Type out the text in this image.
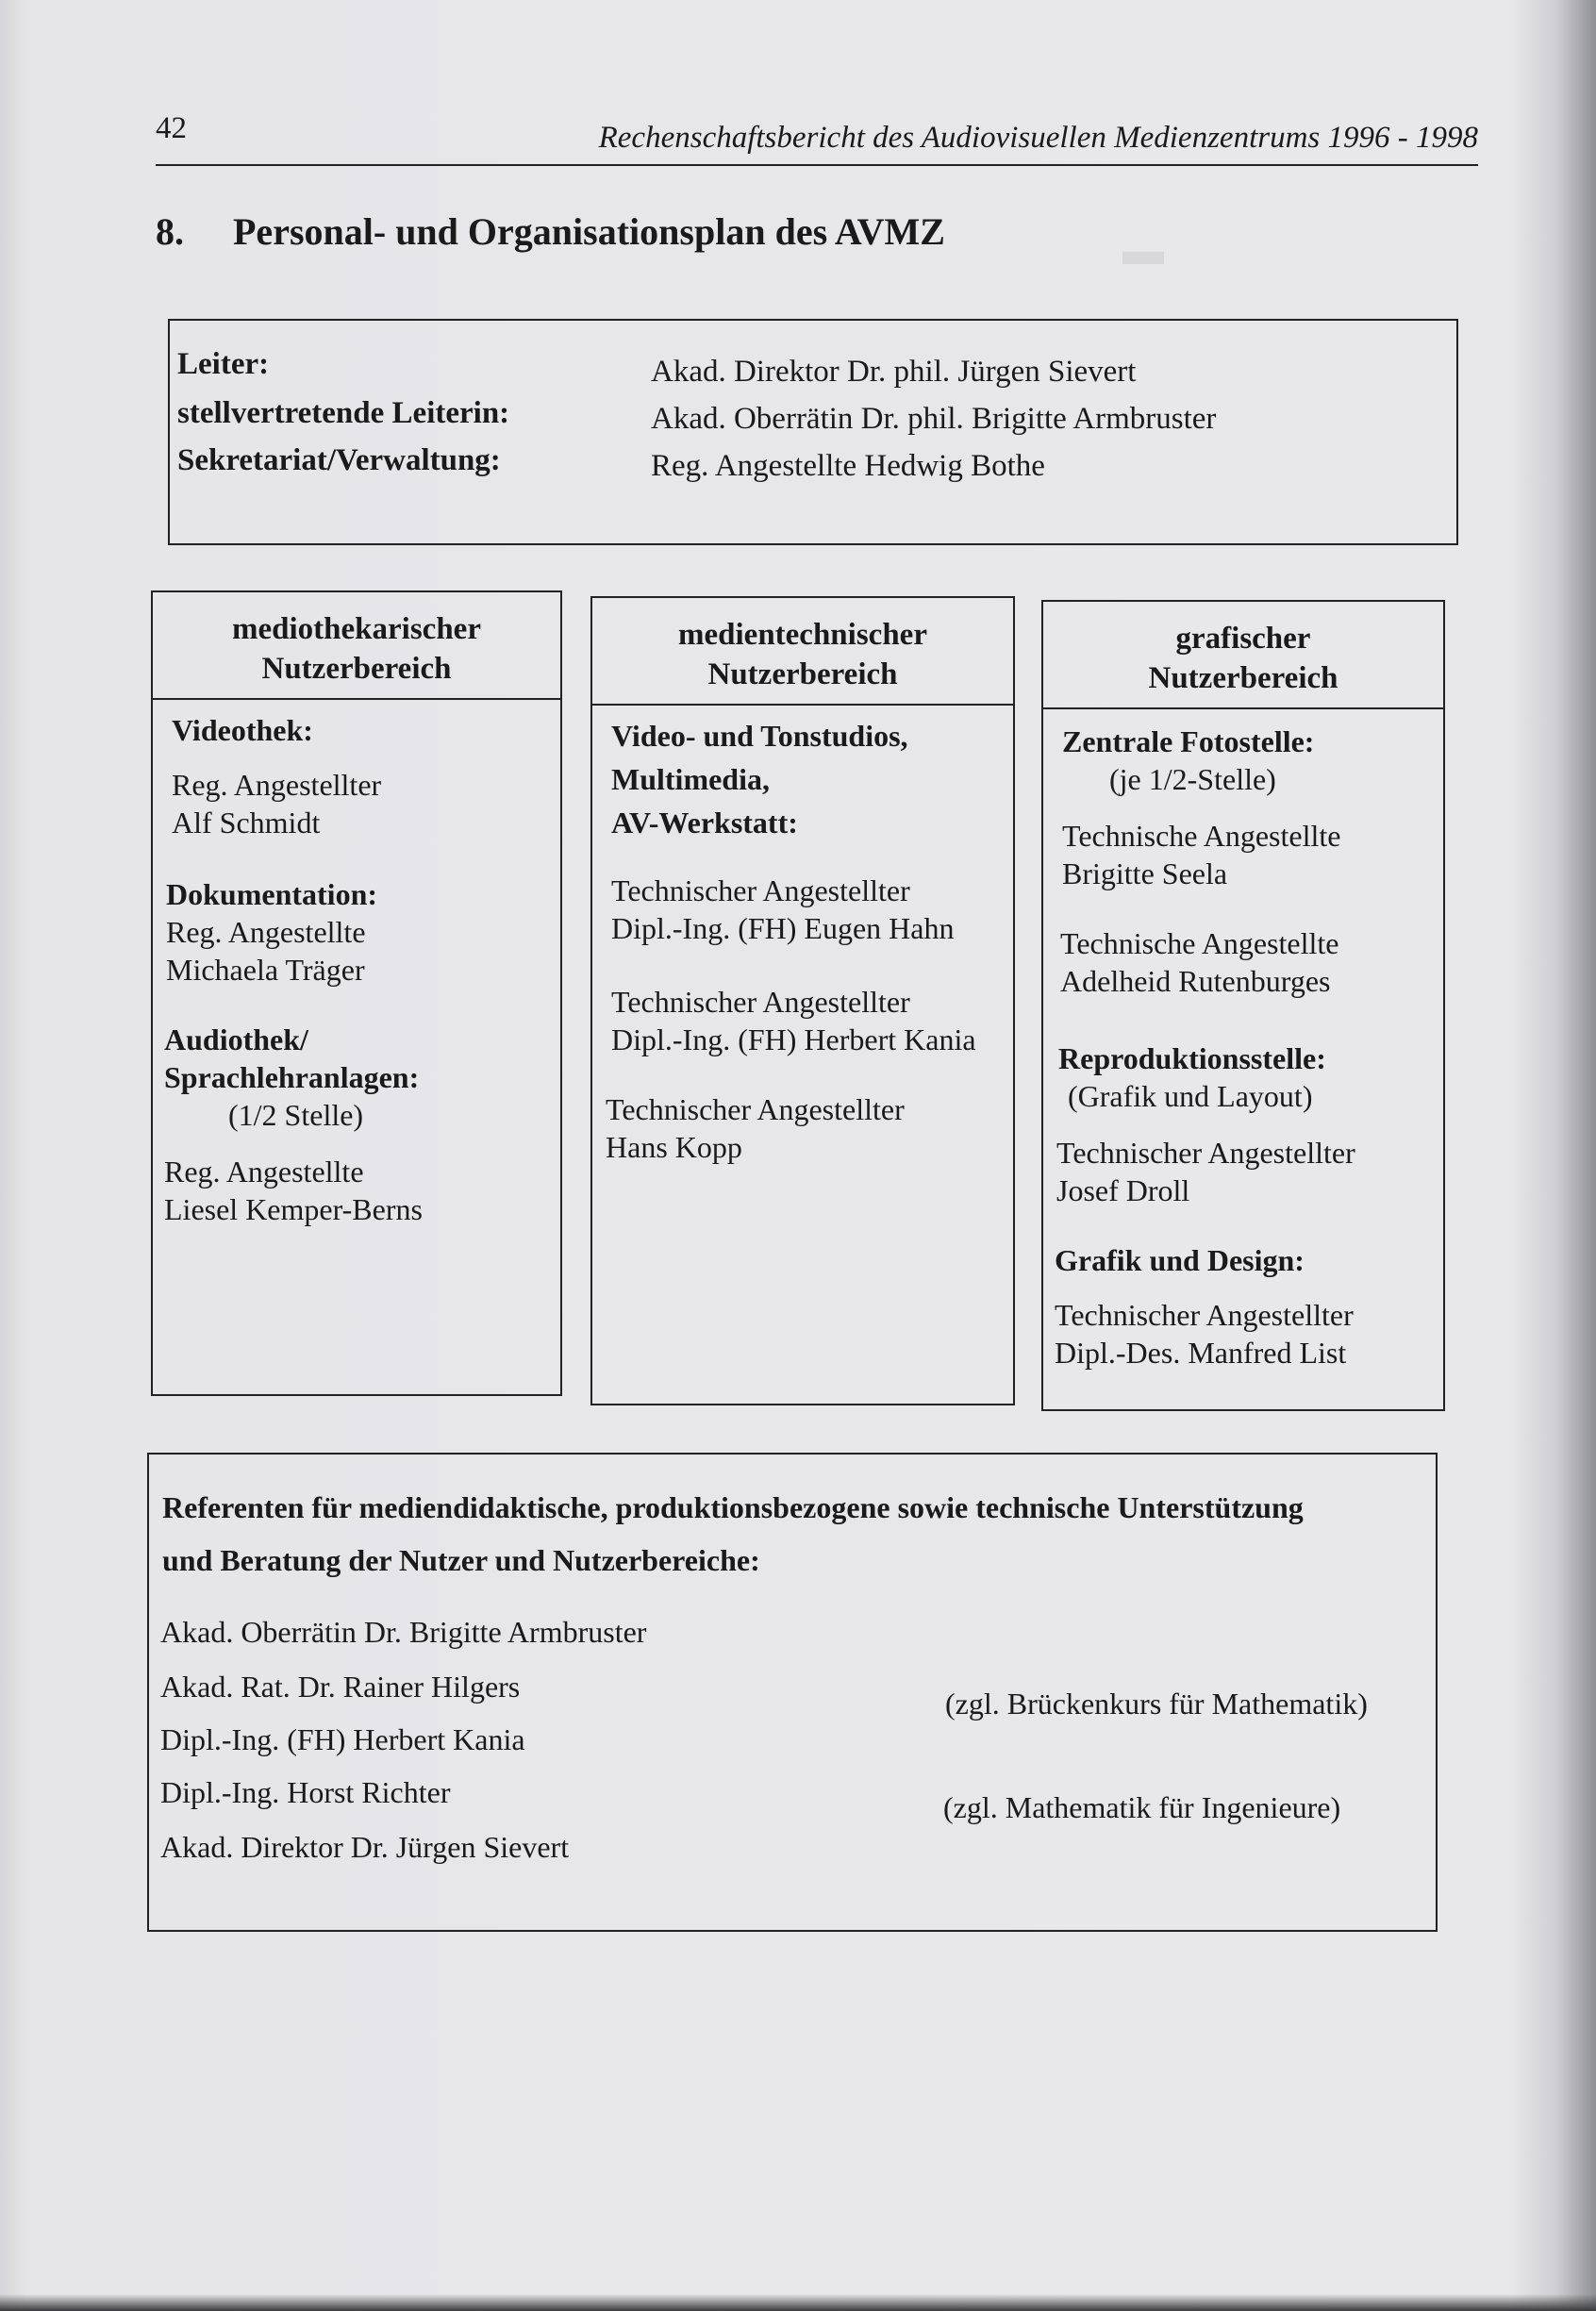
42	Rechenschaftsbericht des Audiovisuellen Medienzentrums 1996 - 1998
8. Personal- und Organisationsplan des AVMZ
Leiter:	Akad. Direktor Dr. phil. Jürgen Sievert
stellvertretende Leiterin:	Akad. Oberrätin Dr. phil. Brigitte Armbruster
Sekretariat/Verwaltung:	Reg. Angestellte Hedwig Bothe
mediothekarischer
Nutzerbereich
Videothek:
Reg. Angestellter
Alf Schmidt
Dokumentation:
Reg. Angestellte
Michaela Träger
Audiothek/
Sprachlehranlagen:
(1/2 Stelle)
Reg. Angestellte
Liesel Kemper-Berns
medientechnischer
Nutzerbereich
Video- und Tonstudios,
Multimedia,
AV-Werkstatt:
Technischer Angestellter
Dipl.-Ing. (FH) Eugen Hahn
Technischer Angestellter
Dipl.-Ing. (FH) Herbert Kania
Technischer Angestellter
Hans Kopp
grafischer
Nutzerbereich
Zentrale Fotostelle:
(je 1/2-Stelle)
Technische Angestellte
Brigitte Seela
Technische Angestellte
Adelheid Rutenburges
Reproduktionsstelle:
(Grafik und Layout)
Technischer Angestellter
Josef Droll
Grafik und Design:
Technischer Angestellter
Dipl.-Des. Manfred List
Referenten für mediendidaktische, produktionsbezogene sowie technische Unterstützung
und Beratung der Nutzer und Nutzerbereiche:
Akad. Oberrätin Dr. Brigitte Armbruster
Akad. Rat. Dr. Rainer Hilgers	(zgl. Brückenkurs für Mathematik)
Dipl.-Ing. (FH) Herbert Kania
Dipl.-Ing. Horst Richter	(zgl. Mathematik für Ingenieure)
Akad. Direktor Dr. Jürgen Sievert
